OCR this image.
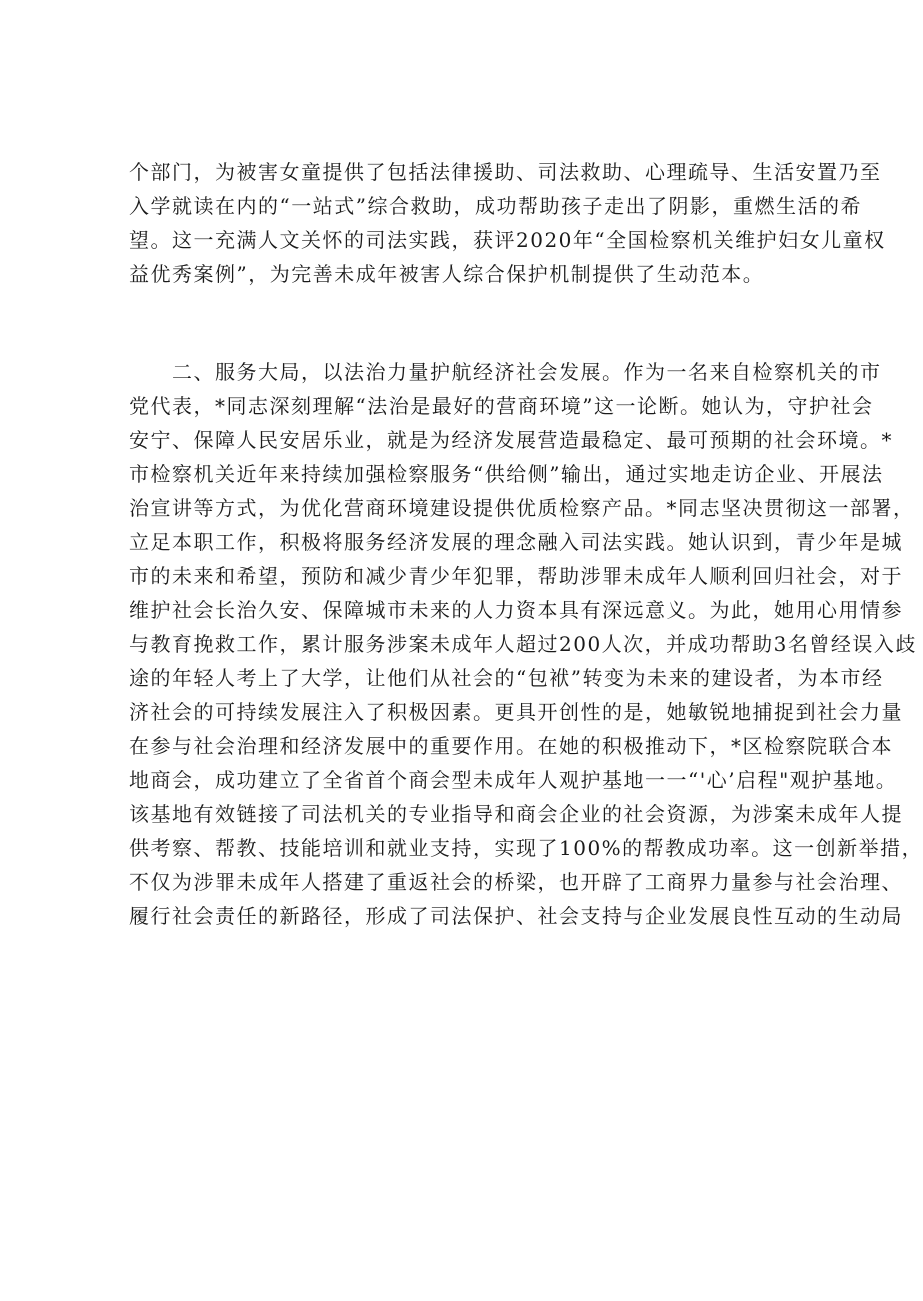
个部门，为被害女童提供了包括法律援助、司法救助、心理疏导、生活安置乃至
入学就读在内的“一站式”综合救助，成功帮助孩子走出了阴影，重燃生活的希
望。这一充满人文关怀的司法实践，获评2020年“全国检察机关维护妇女儿童权
益优秀案例”，为完善未成年被害人综合保护机制提供了生动范本。
　　二、服务大局，以法治力量护航经济社会发展。作为一名来自检察机关的市
党代表，*同志深刻理解“法治是最好的营商环境”这一论断。她认为，守护社会
安宁、保障人民安居乐业，就是为经济发展营造最稳定、最可预期的社会环境。*
市检察机关近年来持续加强检察服务“供给侧”输出，通过实地走访企业、开展法
治宣讲等方式，为优化营商环境建设提供优质检察产品。*同志坚决贯彻这一部署，
立足本职工作，积极将服务经济发展的理念融入司法实践。她认识到，青少年是城
市的未来和希望，预防和减少青少年犯罪，帮助涉罪未成年人顺利回归社会，对于
维护社会长治久安、保障城市未来的人力资本具有深远意义。为此，她用心用情参
与教育挽救工作，累计服务涉案未成年人超过200人次，并成功帮助3名曾经误入歧
途的年轻人考上了大学，让他们从社会的“包袱”转变为未来的建设者，为本市经
济社会的可持续发展注入了积极因素。更具开创性的是，她敏锐地捕捉到社会力量
在参与社会治理和经济发展中的重要作用。在她的积极推动下，*区检察院联合本
地商会，成功建立了全省首个商会型未成年人观护基地一一“'心’启程"观护基地。
该基地有效链接了司法机关的专业指导和商会企业的社会资源，为涉案未成年人提
供考察、帮教、技能培训和就业支持，实现了100%的帮教成功率。这一创新举措，
不仅为涉罪未成年人搭建了重返社会的桥梁，也开辟了工商界力量参与社会治理、
履行社会责任的新路径，形成了司法保护、社会支持与企业发展良性互动的生动局
